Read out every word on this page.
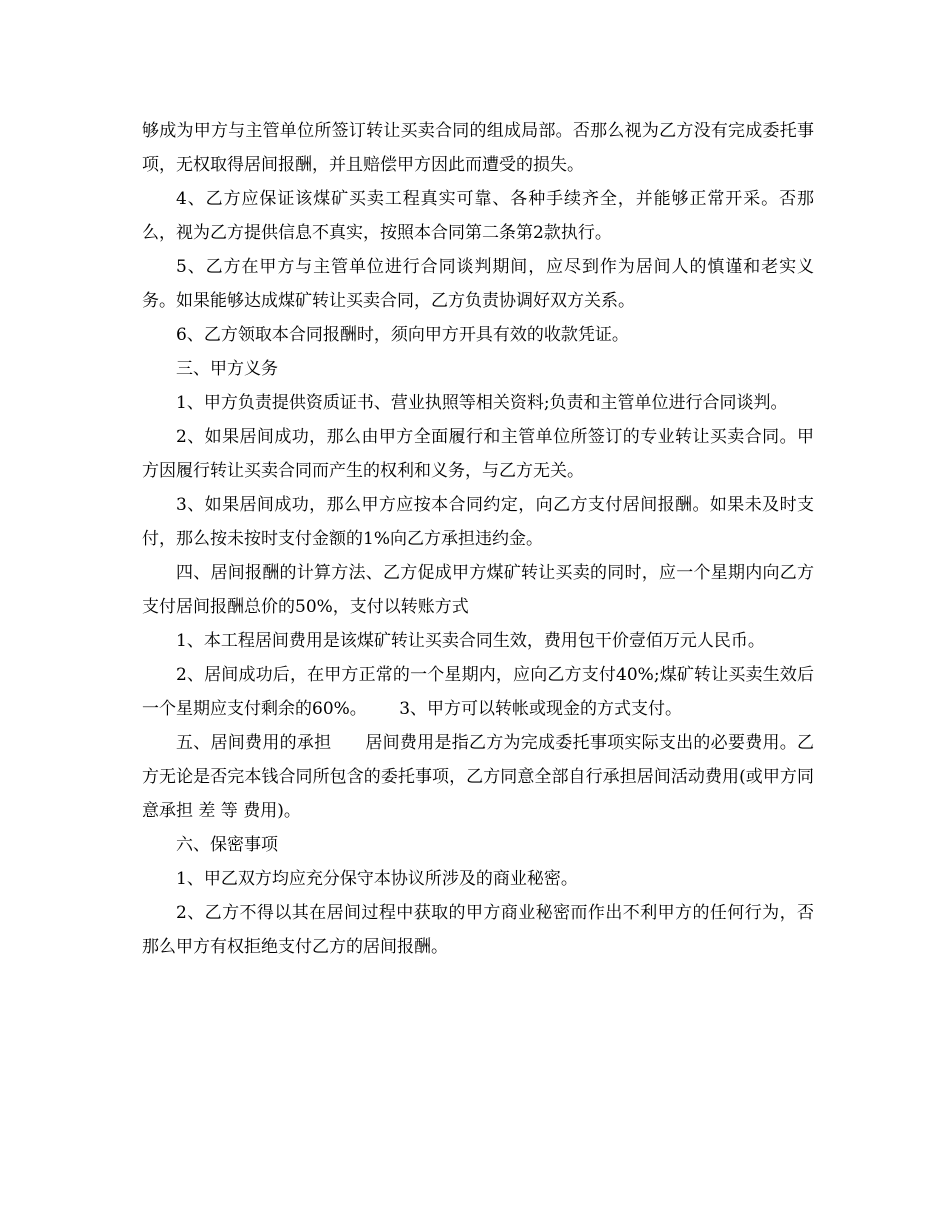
够成为甲方与主管单位所签订转让买卖合同的组成局部。否那么视为乙方没有完成委托事项，无权取得居间报酬，并且赔偿甲方因此而遭受的损失。

4、乙方应保证该煤矿买卖工程真实可靠、各种手续齐全，并能够正常开采。否那么，视为乙方提供信息不真实，按照本合同第二条第2款执行。

5、乙方在甲方与主管单位进行合同谈判期间，应尽到作为居间人的慎谨和老实义务。如果能够达成煤矿转让买卖合同，乙方负责协调好双方关系。

6、乙方领取本合同报酬时，须向甲方开具有效的收款凭证。

三、甲方义务

1、甲方负责提供资质证书、营业执照等相关资料;负责和主管单位进行合同谈判。

2、如果居间成功，那么由甲方全面履行和主管单位所签订的专业转让买卖合同。甲方因履行转让买卖合同而产生的权利和义务，与乙方无关。

3、如果居间成功，那么甲方应按本合同约定，向乙方支付居间报酬。如果未及时支付，那么按未按时支付金额的1%向乙方承担违约金。

四、居间报酬的计算方法、乙方促成甲方煤矿转让买卖的同时，应一个星期内向乙方支付居间报酬总价的50%，支付以转账方式

1、本工程居间费用是该煤矿转让买卖合同生效，费用包干价壹佰万元人民币。

2、居间成功后，在甲方正常的一个星期内，应向乙方支付40%;煤矿转让买卖生效后一个星期应支付剩余的60%。      3、甲方可以转帐或现金的方式支付。

五、居间费用的承担      居间费用是指乙方为完成委托事项实际支出的必要费用。乙方无论是否完本钱合同所包含的委托事项，乙方同意全部自行承担居间活动费用(或甲方同意承担 差 等 费用)。

六、保密事项

1、甲乙双方均应充分保守本协议所涉及的商业秘密。

2、乙方不得以其在居间过程中获取的甲方商业秘密而作出不利甲方的任何行为，否那么甲方有权拒绝支付乙方的居间报酬。
